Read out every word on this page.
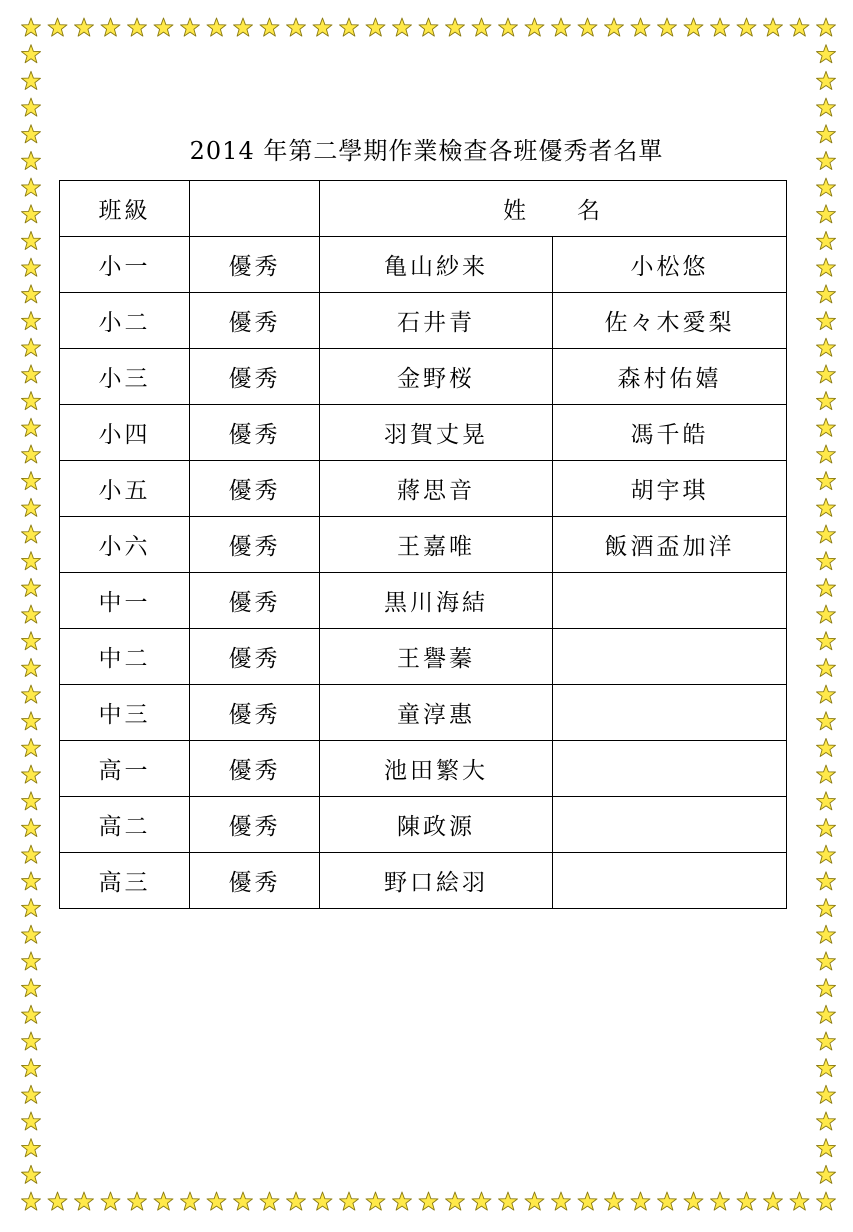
2014 年第二學期作業檢查各班優秀者名單
班級		姓 名	
小一	優秀	亀山紗来	小松悠
小二	優秀	石井青	佐々木愛梨
小三	優秀	金野桜	森村佑嬉
小四	優秀	羽賀丈晃	馮千皓
小五	優秀	蔣思音	胡宇琪
小六	優秀	王嘉唯	飯酒盃加洋
中一	優秀	黒川海結	
中二	優秀	王譽蓁	
中三	優秀	童淳惠	
高一	優秀	池田繁大	
高二	優秀	陳政源	
高三	優秀	野口絵羽	
